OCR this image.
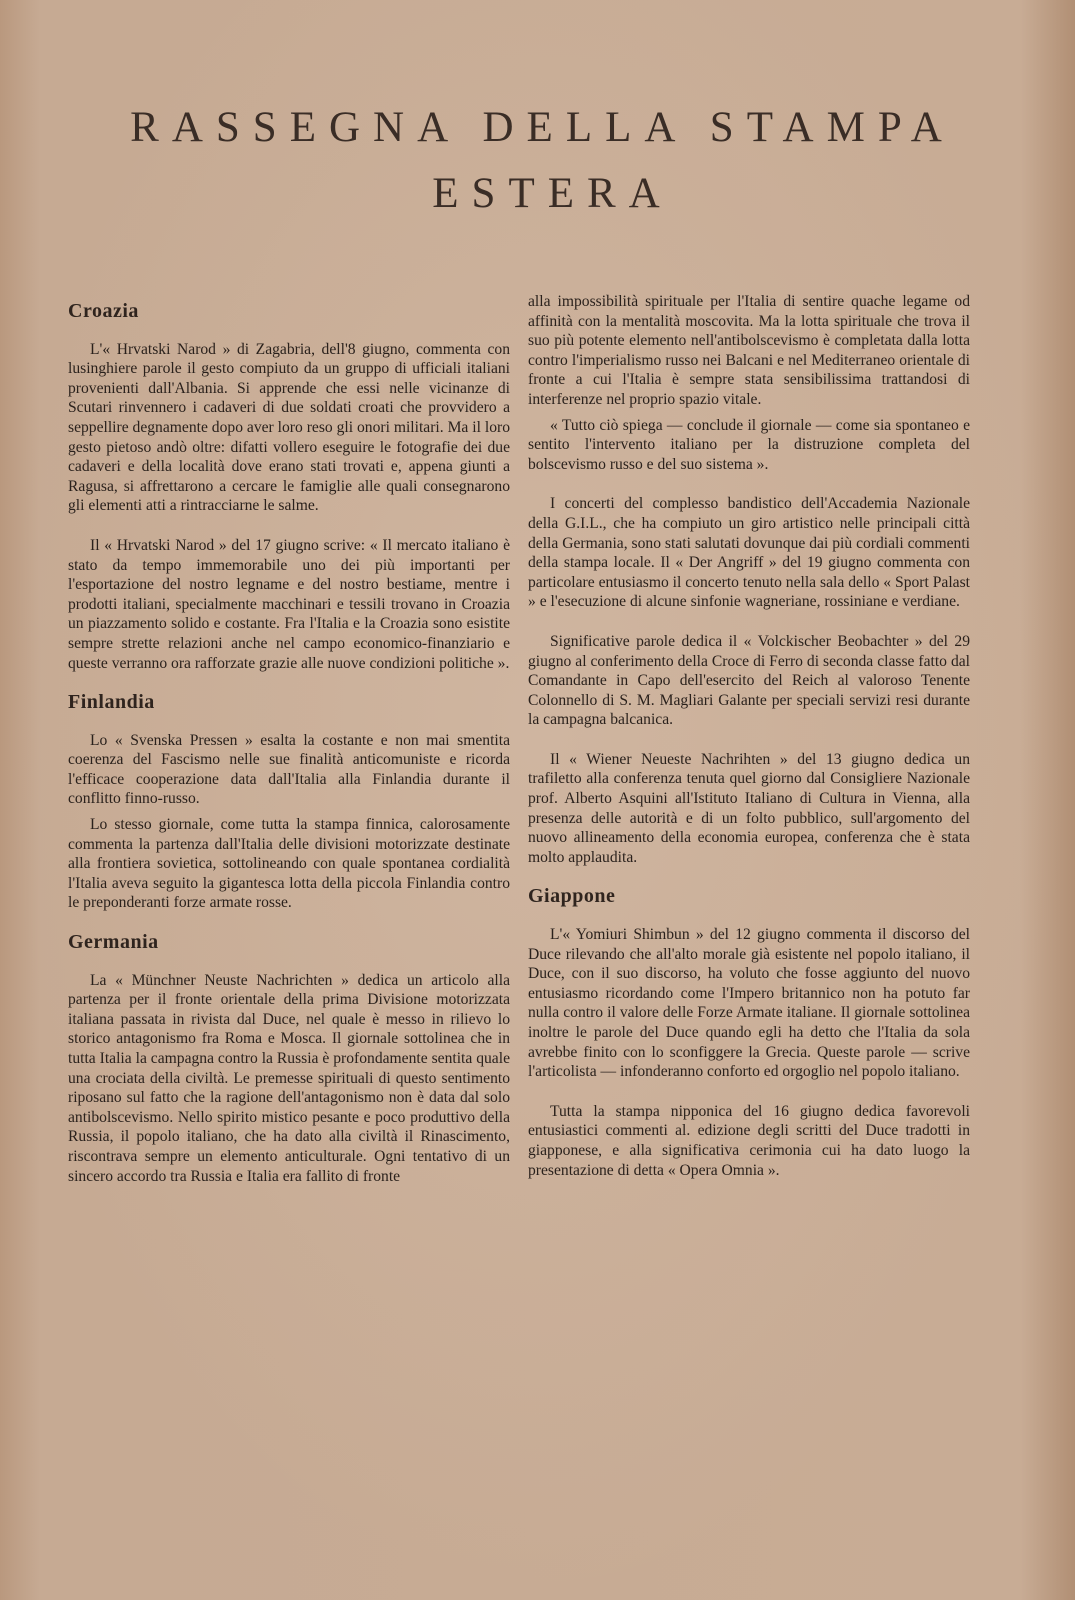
RASSEGNA DELLA STAMPA
ESTERA
Croazia

L'« Hrvatski Narod » di Zagabria, dell'8 giugno, commenta con lusinghiere parole il gesto compiuto da un gruppo di ufficiali italiani provenienti dall'Albania. Si apprende che essi nelle vicinanze di Scutari rinvennero i cadaveri di due soldati croati che provvidero a seppellire degnamente dopo aver loro reso gli onori militari. Ma il loro gesto pietoso andò oltre: difatti vollero eseguire le fotografie dei due cadaveri e della località dove erano stati trovati e, appena giunti a Ragusa, si affrettarono a cercare le famiglie alle quali consegnarono gli elementi atti a rintracciarne le salme.

Il « Hrvatski Narod » del 17 giugno scrive: « Il mercato italiano è stato da tempo immemorabile uno dei più importanti per l'esportazione del nostro legname e del nostro bestiame, mentre i prodotti italiani, specialmente macchinari e tessili trovano in Croazia un piazzamento solido e costante. Fra l'Italia e la Croazia sono esistite sempre strette relazioni anche nel campo economico-finanziario e queste verranno ora rafforzate grazie alle nuove condizioni politiche ».

Finlandia

Lo « Svenska Pressen » esalta la costante e non mai smentita coerenza del Fascismo nelle sue finalità anticomuniste e ricorda l'efficace cooperazione data dall'Italia alla Finlandia durante il conflitto finno-russo.

Lo stesso giornale, come tutta la stampa finnica, calorosamente commenta la partenza dall'Italia delle divisioni motorizzate destinate alla frontiera sovietica, sottolineando con quale spontanea cordialità l'Italia aveva seguito la gigantesca lotta della piccola Finlandia contro le preponderanti forze armate rosse.

Germania

La « Münchner Neuste Nachrichten » dedica un articolo alla partenza per il fronte orientale della prima Divisione motorizzata italiana passata in rivista dal Duce, nel quale è messo in rilievo lo storico antagonismo fra Roma e Mosca. Il giornale sottolinea che in tutta Italia la campagna contro la Russia è profondamente sentita quale una crociata della civiltà. Le premesse spirituali di questo sentimento riposano sul fatto che la ragione dell'antagonismo non è data dal solo antibolscevismo. Nello spirito mistico pesante e poco produttivo della Russia, il popolo italiano, che ha dato alla civiltà il Rinascimento, riscontrava sempre un elemento anticulturale. Ogni tentativo di un sincero accordo tra Russia e Italia era fallito di fronte

alla impossibilità spirituale per l'Italia di sentire quache legame od affinità con la mentalità moscovita. Ma la lotta spirituale che trova il suo più potente elemento nell'antibolscevismo è completata dalla lotta contro l'imperialismo russo nei Balcani e nel Mediterraneo orientale di fronte a cui l'Italia è sempre stata sensibilissima trattandosi di interferenze nel proprio spazio vitale.

« Tutto ciò spiega — conclude il giornale — come sia spontaneo e sentito l'intervento italiano per la distruzione completa del bolscevismo russo e del suo sistema ».

I concerti del complesso bandistico dell'Accademia Nazionale della G.I.L., che ha compiuto un giro artistico nelle principali città della Germania, sono stati salutati dovunque dai più cordiali commenti della stampa locale. Il « Der Angriff » del 19 giugno commenta con particolare entusiasmo il concerto tenuto nella sala dello « Sport Palast » e l'esecuzione di alcune sinfonie wagneriane, rossiniane e verdiane.

Significative parole dedica il « Volckischer Beobachter » del 29 giugno al conferimento della Croce di Ferro di seconda classe fatto dal Comandante in Capo dell'esercito del Reich al valoroso Tenente Colonnello di S. M. Magliari Galante per speciali servizi resi durante la campagna balcanica.

Il « Wiener Neueste Nachrihten » del 13 giugno dedica un trafiletto alla conferenza tenuta quel giorno dal Consigliere Nazionale prof. Alberto Asquini all'Istituto Italiano di Cultura in Vienna, alla presenza delle autorità e di un folto pubblico, sull'argomento del nuovo allineamento della economia europea, conferenza che è stata molto applaudita.

Giappone

L'« Yomiuri Shimbun » del 12 giugno commenta il discorso del Duce rilevando che all'alto morale già esistente nel popolo italiano, il Duce, con il suo discorso, ha voluto che fosse aggiunto del nuovo entusiasmo ricordando come l'Impero britannico non ha potuto far nulla contro il valore delle Forze Armate italiane. Il giornale sottolinea inoltre le parole del Duce quando egli ha detto che l'Italia da sola avrebbe finito con lo sconfiggere la Grecia. Queste parole — scrive l'articolista — infonderanno conforto ed orgoglio nel popolo italiano.

Tutta la stampa nipponica del 16 giugno dedica favorevoli entusiastici commenti al. edizione degli scritti del Duce tradotti in giapponese, e alla significativa cerimonia cui ha dato luogo la presentazione di detta « Opera Omnia ».
